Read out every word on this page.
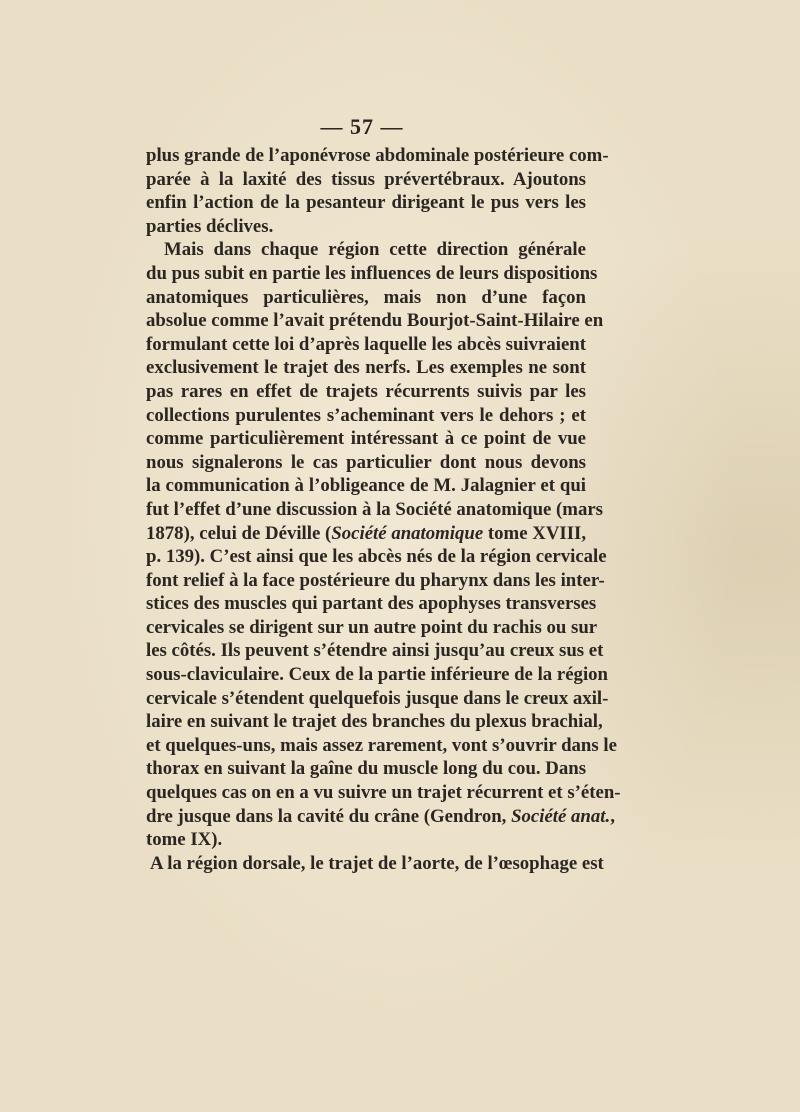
— 57 —
plus grande de l’aponévrose abdominale postérieure com-
parée à la laxité des tissus prévertébraux. Ajoutons
enfin l’action de la pesanteur dirigeant le pus vers les
parties déclives.
Mais dans chaque région cette direction générale
du pus subit en partie les influences de leurs dispositions
anatomiques particulières, mais non d’une façon
absolue comme l’avait prétendu Bourjot-Saint-Hilaire en
formulant cette loi d’après laquelle les abcès suivraient
exclusivement le trajet des nerfs. Les exemples ne sont
pas rares en effet de trajets récurrents suivis par les
collections purulentes s’acheminant vers le dehors ; et
comme particulièrement intéressant à ce point de vue
nous signalerons le cas particulier dont nous devons
la communication à l’obligeance de M. Jalagnier et qui
fut l’effet d’une discussion à la Société anatomique (mars
1878), celui de Déville (Société anatomique tome XVIII,
p. 139). C’est ainsi que les abcès nés de la région cervicale
font relief à la face postérieure du pharynx dans les inter-
stices des muscles qui partant des apophyses transverses
cervicales se dirigent sur un autre point du rachis ou sur
les côtés. Ils peuvent s’étendre ainsi jusqu’au creux sus et
sous-claviculaire. Ceux de la partie inférieure de la région
cervicale s’étendent quelquefois jusque dans le creux axil-
laire en suivant le trajet des branches du plexus brachial,
et quelques-uns, mais assez rarement, vont s’ouvrir dans le
thorax en suivant la gaîne du muscle long du cou. Dans
quelques cas on en a vu suivre un trajet récurrent et s’éten-
dre jusque dans la cavité du crâne (Gendron, Société anat.,
tome IX).
A la région dorsale, le trajet de l’aorte, de l’œsophage est
